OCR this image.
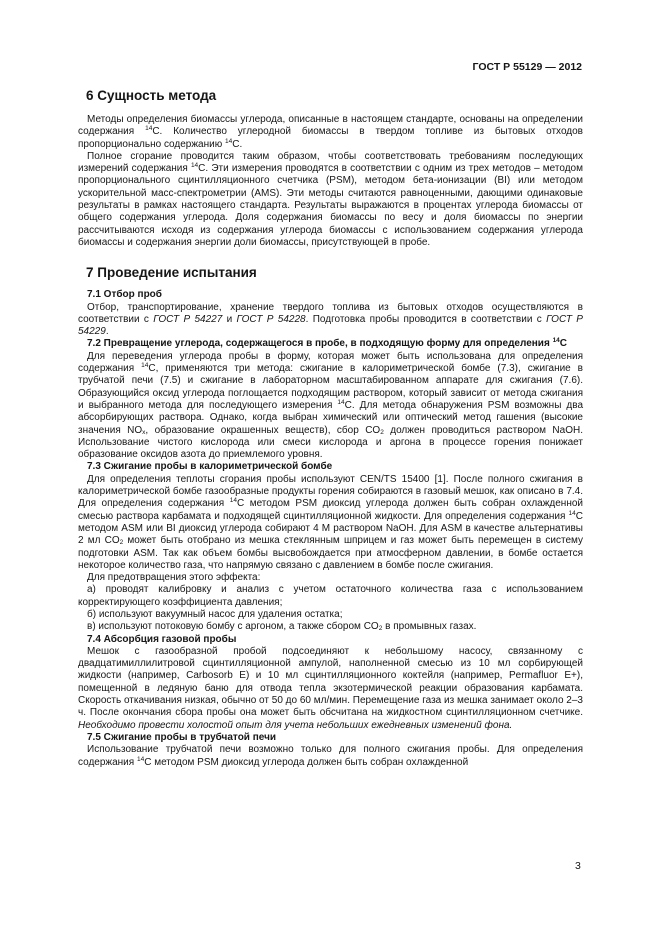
ГОСТ Р 55129 — 2012
6 Сущность метода

Методы определения биомассы углерода, описанные в настоящем стандарте, основаны на определении содержания $^{14}$С. Количество углеродной биомассы в твердом топливе из бытовых отходов пропорционально содержанию $^{14}$С.

Полное сгорание проводится таким образом, чтобы соответствовать требованиям последующих измерений содержания $^{14}$С. Эти измерения проводятся в соответствии с одним из трех методов – методом пропорционального сцинтилляционного счетчика (PSM), методом бета-ионизации (BI) или методом ускорительной масс-спектрометрии (AMS). Эти методы считаются равноценными, дающими одинаковые результаты в рамках настоящего стандарта. Результаты выражаются в процентах углерода биомассы от общего содержания углерода. Доля содержания биомассы по весу и доля биомассы по энергии рассчитываются исходя из содержания углерода биомассы с использованием содержания углерода биомассы и содержания энергии доли биомассы, присутствующей в пробе.

7 Проведение испытания
7.1 Отбор проб

Отбор, транспортирование, хранение твердого топлива из бытовых отходов осуществляются в соответствии с ГОСТ Р 54227 и ГОСТ Р 54228. Подготовка пробы проводится в соответствии с ГОСТ Р 54229.

7.2 Превращение углерода, содержащегося в пробе, в подходящую форму для определения $^{14}$С

Для переведения углерода пробы в форму, которая может быть использована для определения содержания $^{14}$С, применяются три метода: сжигание в калориметрической бомбе (7.3), сжигание в трубчатой печи (7.5) и сжигание в лабораторном масштабированном аппарате для сжигания (7.6). Образующийся оксид углерода поглощается подходящим раствором, который зависит от метода сжигания и выбранного метода для последующего измерения $^{14}$С. Для метода обнаружения PSM возможны два абсорбирующих раствора. Однако, когда выбран химический или оптический метод гашения (высокие значения $NO_x$, образование окрашенных веществ), сбор $CO_2$ должен проводиться раствором NaOH. Использование чистого кислорода или смеси кислорода и аргона в процессе горения понижает образование оксидов азота до приемлемого уровня.

7.3 Сжигание пробы в калориметрической бомбе

Для определения теплоты сгорания пробы используют CEN/TS 15400 [1]. После полного сжигания в калориметрической бомбе газообразные продукты горения собираются в газовый мешок, как описано в 7.4. Для определения содержания $^{14}$С методом PSM диоксид углерода должен быть собран охлажденной смесью раствора карбамата и подходящей сцинтилляционной жидкости. Для определения содержания $^{14}$С методом ASM или BI диоксид углерода собирают 4 М раствором NaOH. Для ASM в качестве альтернативы 2 мл $CO_2$ может быть отобрано из мешка стеклянным шприцем и газ может быть перемещен в систему подготовки ASM. Так как объем бомбы высвобождается при атмосферном давлении, в бомбе остается некоторое количество газа, что напрямую связано с давлением в бомбе после сжигания.

Для предотвращения этого эффекта:

а) проводят калибровку и анализ с учетом остаточного количества газа с использованием корректирующего коэффициента давления;

б) используют вакуумный насос для удаления остатка;

в) используют потоковую бомбу с аргоном, а также сбором $CO_2$ в промывных газах.

7.4 Абсорбция газовой пробы

Мешок с газообразной пробой подсоединяют к небольшому насосу, связанному с двадцатимиллилитровой сцинтилляционной ампулой, наполненной смесью из 10 мл сорбирующей жидкости (например, Carbosorb E) и 10 мл сцинтилляционного коктейля (например, Permafluor E+), помещенной в ледяную баню для отвода тепла экзотермической реакции образования карбамата. Скорость откачивания низкая, обычно от 50 до 60 мл/мин. Перемещение газа из мешка занимает около 2–3 ч. После окончания сбора пробы она может быть обсчитана на жидкостном сцинтилляционном счетчике. Необходимо провести холостой опыт для учета небольших ежедневных изменений фона.

7.5 Сжигание пробы в трубчатой печи

Использование трубчатой печи возможно только для полного сжигания пробы. Для определения содержания $^{14}$С методом PSM диоксид углерода должен быть собран охлажденной

3
